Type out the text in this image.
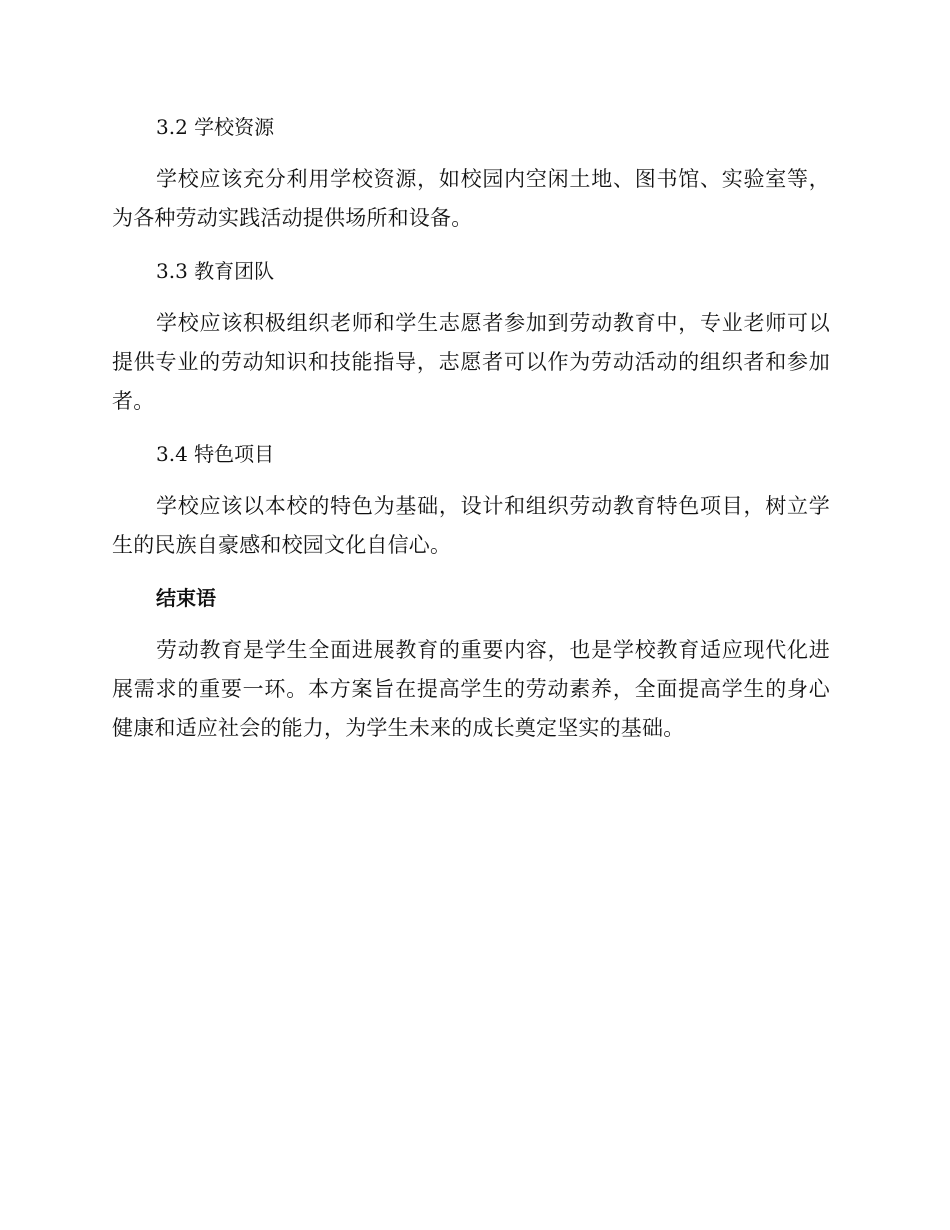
3.2 学校资源

学校应该充分利用学校资源，如校园内空闲土地、图书馆、实验室等，为各种劳动实践活动提供场所和设备。

3.3 教育团队

学校应该积极组织老师和学生志愿者参加到劳动教育中，专业老师可以提供专业的劳动知识和技能指导，志愿者可以作为劳动活动的组织者和参加者。

3.4 特色项目

学校应该以本校的特色为基础，设计和组织劳动教育特色项目，树立学生的民族自豪感和校园文化自信心。

结束语

劳动教育是学生全面进展教育的重要内容，也是学校教育适应现代化进展需求的重要一环。本方案旨在提高学生的劳动素养，全面提高学生的身心健康和适应社会的能力，为学生未来的成长奠定坚实的基础。
